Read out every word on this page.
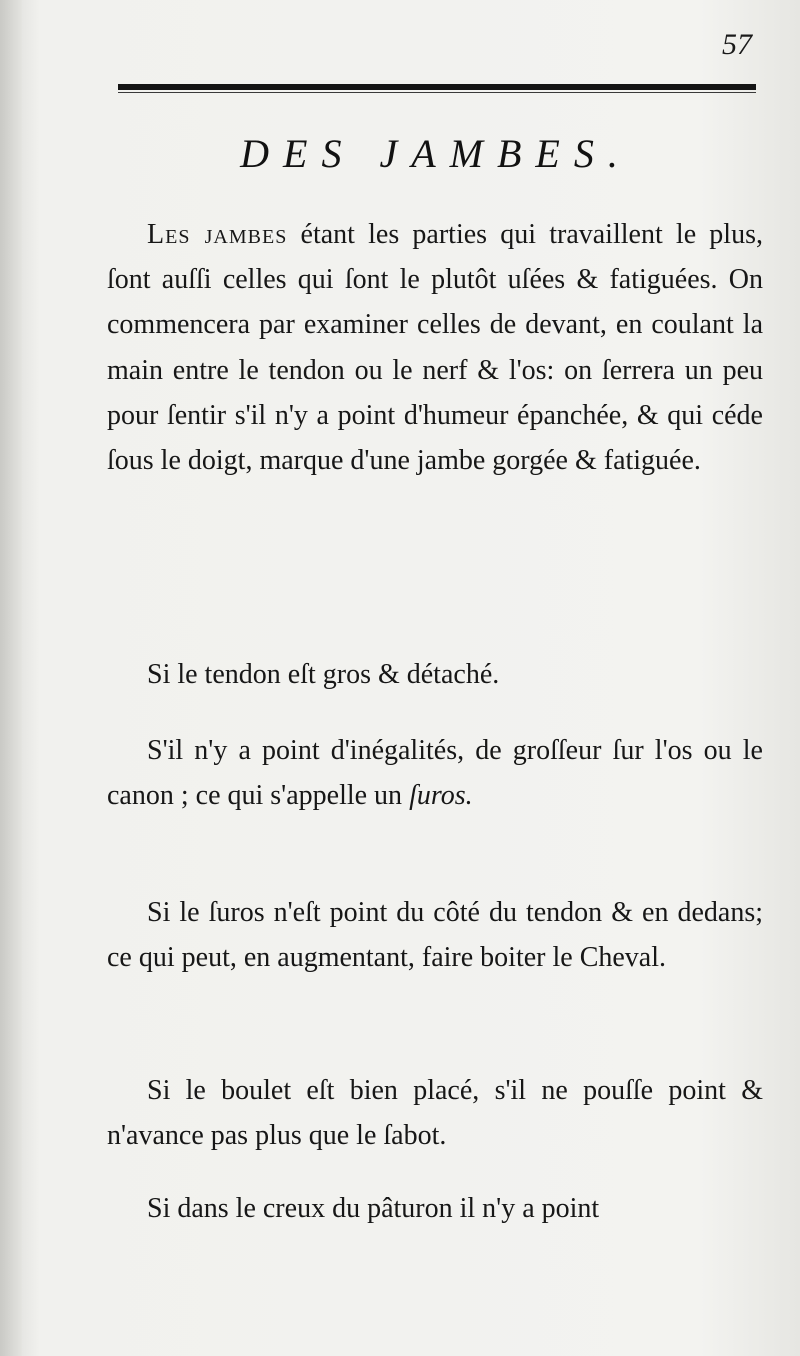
57
DES JAMBES.

Les jambes étant les parties qui travaillent le plus, ſont auſſi celles qui ſont le plutôt uſées & fatiguées. On commencera par examiner celles de devant, en coulant la main entre le tendon ou le nerf & l'os: on ſerrera un peu pour ſentir s'il n'y a point d'humeur épanchée, & qui céde ſous le doigt, marque d'une jambe gorgée & fatiguée.

Si le tendon eſt gros & détaché.

S'il n'y a point d'inégalités, de groſſeur ſur l'os ou le canon ; ce qui s'appelle un ſuros.

Si le ſuros n'eſt point du côté du tendon & en dedans; ce qui peut, en augmentant, faire boiter le Cheval.

Si le boulet eſt bien placé, s'il ne pouſſe point & n'avance pas plus que le ſabot.

Si dans le creux du pâturon il n'y a point
